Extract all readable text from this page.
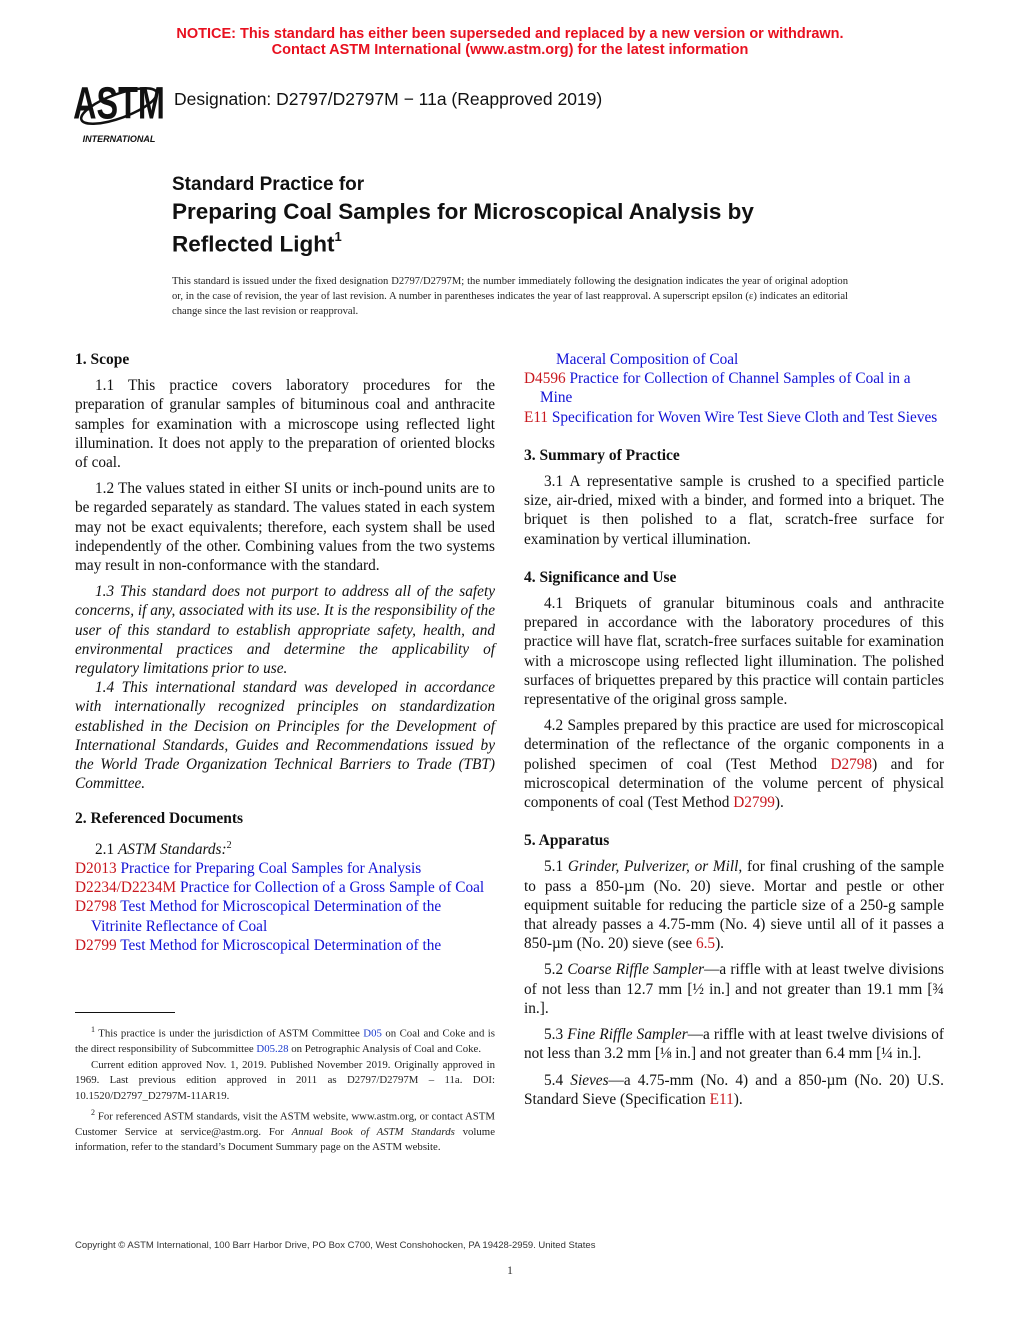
NOTICE: This standard has either been superseded and replaced by a new version or withdrawn.
Contact ASTM International (www.astm.org) for the latest information
ASTM
INTERNATIONAL
Designation: D2797/D2797M − 11a (Reapproved 2019)
Standard Practice for
Preparing Coal Samples for Microscopical Analysis by
Reflected Light$^1$
This standard is issued under the fixed designation D2797/D2797M; the number immediately following the designation indicates the year of original adoption or, in the case of revision, the year of last revision. A number in parentheses indicates the year of last reapproval. A superscript epsilon (ε) indicates an editorial change since the last revision or reapproval.
1. Scope

1.1 This practice covers laboratory procedures for the preparation of granular samples of bituminous coal and anthracite samples for examination with a microscope using reflected light illumination. It does not apply to the preparation of oriented blocks of coal.

1.2 The values stated in either SI units or inch-pound units are to be regarded separately as standard. The values stated in each system may not be exact equivalents; therefore, each system shall be used independently of the other. Combining values from the two systems may result in non-conformance with the standard.

1.3 This standard does not purport to address all of the safety concerns, if any, associated with its use. It is the responsibility of the user of this standard to establish appropriate safety, health, and environmental practices and determine the applicability of regulatory limitations prior to use.

1.4 This international standard was developed in accordance with internationally recognized principles on standardization established in the Decision on Principles for the Development of International Standards, Guides and Recommendations issued by the World Trade Organization Technical Barriers to Trade (TBT) Committee.

2. Referenced Documents

2.1 ASTM Standards:$^2$

D2013 Practice for Preparing Coal Samples for Analysis

D2234/D2234M Practice for Collection of a Gross Sample of Coal

D2798 Test Method for Microscopical Determination of the Vitrinite Reflectance of Coal

D2799 Test Method for Microscopical Determination of the

Maceral Composition of Coal

D4596 Practice for Collection of Channel Samples of Coal in a Mine

E11 Specification for Woven Wire Test Sieve Cloth and Test Sieves

3. Summary of Practice

3.1 A representative sample is crushed to a specified particle size, air-dried, mixed with a binder, and formed into a briquet. The briquet is then polished to a flat, scratch-free surface for examination by vertical illumination.

4. Significance and Use

4.1 Briquets of granular bituminous coals and anthracite prepared in accordance with the laboratory procedures of this practice will have flat, scratch-free surfaces suitable for examination with a microscope using reflected light illumination. The polished surfaces of briquettes prepared by this practice will contain particles representative of the original gross sample.

4.2 Samples prepared by this practice are used for microscopical determination of the reflectance of the organic components in a polished specimen of coal (Test Method D2798) and for microscopical determination of the volume percent of physical components of coal (Test Method D2799).

5. Apparatus

5.1 Grinder, Pulverizer, or Mill, for final crushing of the sample to pass a 850-µm (No. 20) sieve. Mortar and pestle or other equipment suitable for reducing the particle size of a 250-g sample that already passes a 4.75-mm (No. 4) sieve until all of it passes a 850-µm (No. 20) sieve (see 6.5).

5.2 Coarse Riffle Sampler—a riffle with at least twelve divisions of not less than 12.7 mm [½ in.] and not greater than 19.1 mm [¾ in.].

5.3 Fine Riffle Sampler—a riffle with at least twelve divisions of not less than 3.2 mm [⅛ in.] and not greater than 6.4 mm [¼ in.].

5.4 Sieves—a 4.75-mm (No. 4) and a 850-µm (No. 20) U.S. Standard Sieve (Specification E11).

$^1$ This practice is under the jurisdiction of ASTM Committee D05 on Coal and Coke and is the direct responsibility of Subcommittee D05.28 on Petrographic Analysis of Coal and Coke.

Current edition approved Nov. 1, 2019. Published November 2019. Originally approved in 1969. Last previous edition approved in 2011 as D2797/D2797M – 11a. DOI: 10.1520/D2797_D2797M-11AR19.

$^2$ For referenced ASTM standards, visit the ASTM website, www.astm.org, or contact ASTM Customer Service at service@astm.org. For Annual Book of ASTM Standards volume information, refer to the standard’s Document Summary page on the ASTM website.

Copyright © ASTM International, 100 Barr Harbor Drive, PO Box C700, West Conshohocken, PA 19428-2959. United States
1
